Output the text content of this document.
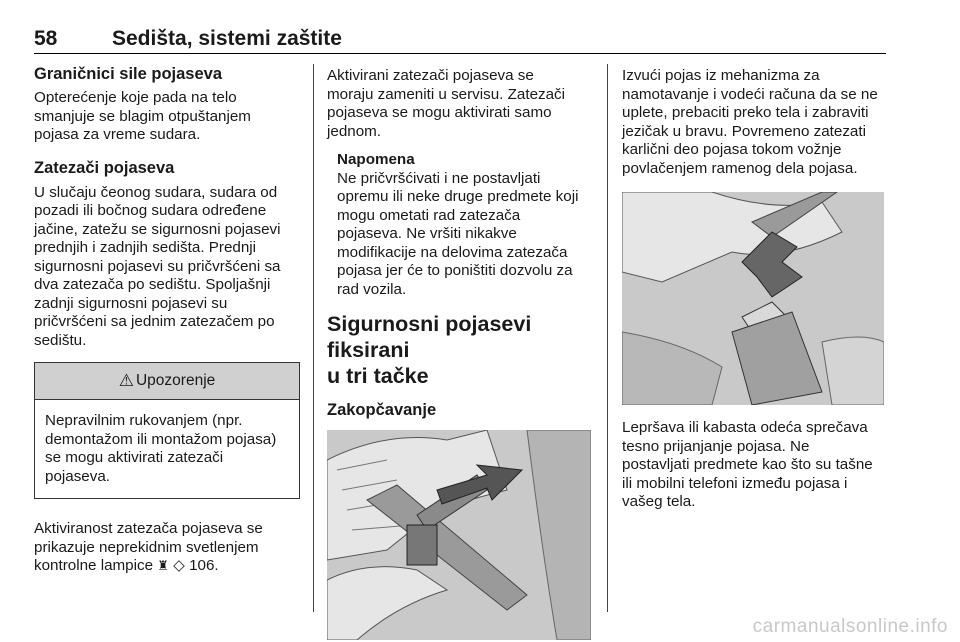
58	Sedišta, sistemi zaštite
Graničnici sile pojaseva

Opterećenje koje pada na telo
smanjuje se blagim otpuštanjem
pojasa za vreme sudara.

Zatezači pojaseva

U slučaju čeonog sudara, sudara od
pozadi ili bočnog sudara određene
jačine, zatežu se sigurnosni pojasevi
prednjih i zadnjih sedišta. Prednji
sigurnosni pojasevi su pričvršćeni sa
dva zatezača po sedištu. Spoljašnji
zadnji sigurnosni pojasevi su
pričvršćeni sa jednim zatezačem po
sedištu.

⚠ Upozorenje

Nepravilnim rukovanjem (npr.
demontažom ili montažom pojasa)
se mogu aktivirati zatezači
pojaseva.

Aktiviranost zatezača pojaseva se
prikazuje neprekidnim svetlenjem
kontrolne lampice ♜ ◇ 106.

Aktivirani zatezači pojaseva se
moraju zameniti u servisu. Zatezači
pojaseva se mogu aktivirati samo
jednom.

Napomena

Ne pričvršćivati i ne postavljati
opremu ili neke druge predmete koji
mogu ometati rad zatezača
pojaseva. Ne vršiti nikakve
modifikacije na delovima zatezača
pojasa jer će to poništiti dozvolu za
rad vozila.

Sigurnosni pojasevi fiksirani
u tri tačke
Zakopčavanje

Izvući pojas iz mehanizma za
namotavanje i vodeći računa da se ne
uplete, prebaciti preko tela i zabraviti
jezičak u bravu. Povremeno zatezati
karlični deo pojasa tokom vožnje
povlačenjem ramenog dela pojasa.

Lepršava ili kabasta odeća sprečava
tesno prijanjanje pojasa. Ne
postavljati predmete kao što su tašne
ili mobilni telefoni između pojasa i
vašeg tela.

carmanualsonline.info
